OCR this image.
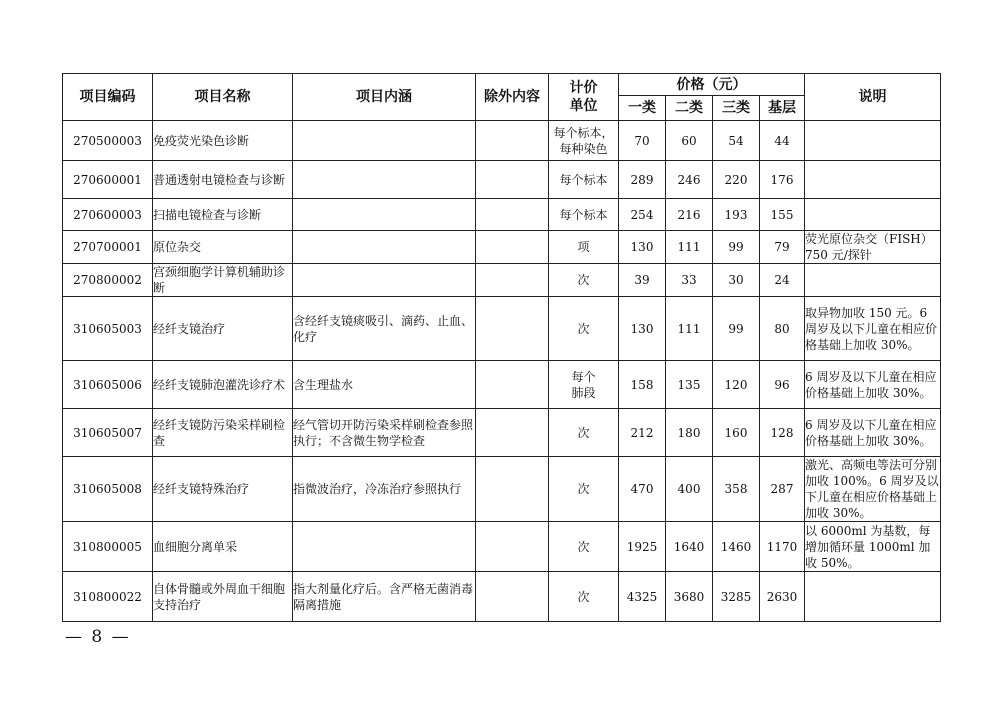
项目编码	项目名称	项目内涵	除外内容	计价
单位	价格（元）				说明
					一类	二类	三类	基层	
270500003	免疫荧光染色诊断			每个标本，
每种染色	70	60	54	44	
270600001	普通透射电镜检查与诊断			每个标本	289	246	220	176	
270600003	扫描电镜检查与诊断			每个标本	254	216	193	155	
270700001	原位杂交			项	130	111	99	79	荧光原位杂交（FISH）750 元/探针
270800002	宫颈细胞学计算机辅助诊断			次	39	33	30	24	
310605003	经纤支镜治疗	含经纤支镜痰吸引、滴药、止血、化疗		次	130	111	99	80	取异物加收 150 元。6 周岁及以下儿童在相应价格基础上加收 30%。
310605006	经纤支镜肺泡灌洗诊疗术	含生理盐水		每个
肺段	158	135	120	96	6 周岁及以下儿童在相应价格基础上加收 30%。
310605007	经纤支镜防污染采样刷检查	经气管切开防污染采样刷检查参照执行；不含微生物学检查		次	212	180	160	128	6 周岁及以下儿童在相应价格基础上加收 30%。
310605008	经纤支镜特殊治疗	指微波治疗，冷冻治疗参照执行		次	470	400	358	287	激光、高频电等法可分别加收 100%。6 周岁及以下儿童在相应价格基础上加收 30%。
310800005	血细胞分离单采			次	1925	1640	1460	1170	以 6000ml 为基数，每增加循环量 1000ml 加收 50%。
310800022	自体骨髓或外周血干细胞支持治疗	指大剂量化疗后。含严格无菌消毒隔离措施		次	4325	3680	3285	2630	
— 8 —
